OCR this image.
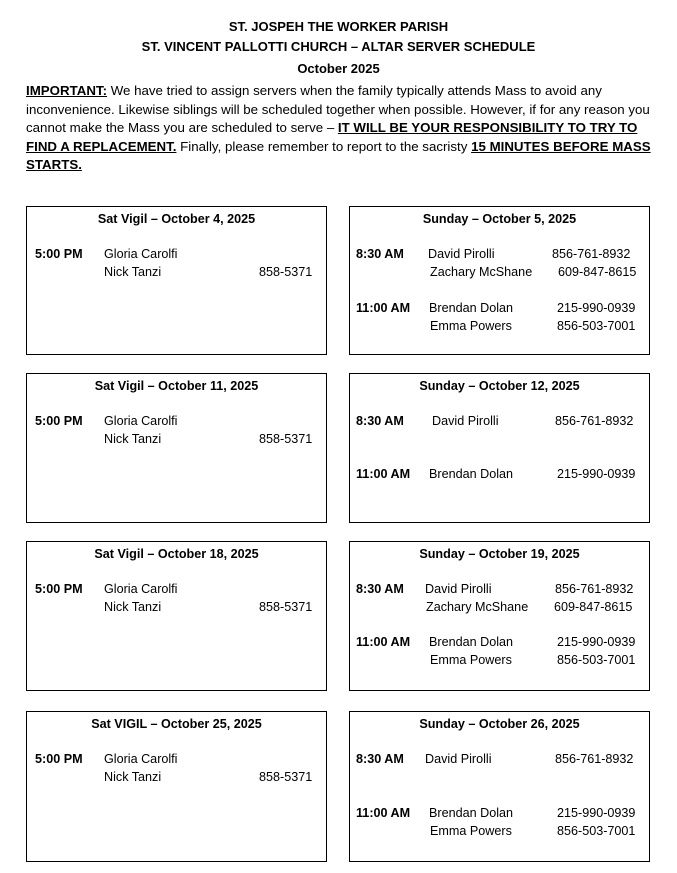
ST. JOSPEH THE WORKER PARISH
ST. VINCENT PALLOTTI CHURCH – ALTAR SERVER SCHEDULE
October 2025
IMPORTANT: We have tried to assign servers when the family typically attends Mass to avoid any inconvenience. Likewise siblings will be scheduled together when possible. However, if for any reason you cannot make the Mass you are scheduled to serve – IT WILL BE YOUR RESPONSIBILITY TO TRY TO FIND A REPLACEMENT. Finally, please remember to report to the sacristy 15 MINUTES BEFORE MASS STARTS.
Sat Vigil – October 4, 2025
5:00 PM Gloria Carolfi
Nick Tanzi	858-5371
Sunday – October 5, 2025
8:30 AM David Pirolli	856-761-8932
Zachary McShane 609-847-8615
11:00 AM Brendan Dolan	215-990-0939
Emma Powers	856-503-7001
Sat Vigil – October 11, 2025
5:00 PM Gloria Carolfi
Nick Tanzi	858-5371
Sunday – October 12, 2025
8:30 AM David Pirolli	856-761-8932
11:00 AM Brendan Dolan	215-990-0939
Sat Vigil – October 18, 2025
5:00 PM Gloria Carolfi
Nick Tanzi	858-5371
Sunday – October 19, 2025
8:30 AM David Pirolli	856-761-8932
Zachary McShane 609-847-8615
11:00 AM Brendan Dolan	215-990-0939
Emma Powers	856-503-7001
Sat VIGIL – October 25, 2025
5:00 PM Gloria Carolfi
Nick Tanzi	858-5371
Sunday – October 26, 2025
8:30 AM David Pirolli	856-761-8932
11:00 AM Brendan Dolan	215-990-0939
Emma Powers	856-503-7001
